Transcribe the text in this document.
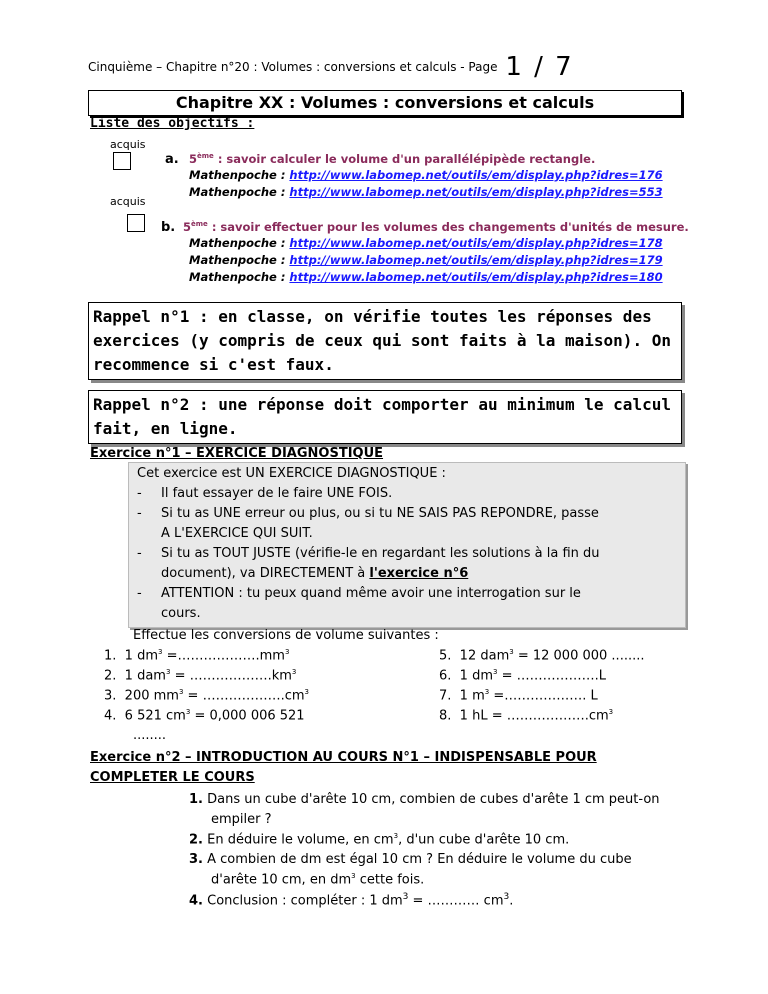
Cinquième – Chapitre n°20 : Volumes : conversions et calculs - Page 1 / 7
Chapitre XX : Volumes : conversions et calculs
Liste des objectifs :
acquis
a. 5ème : savoir calculer le volume d'un parallélépipède rectangle.
Mathenpoche : http://www.labomep.net/outils/em/display.php?idres=176
Mathenpoche : http://www.labomep.net/outils/em/display.php?idres=553
acquis
b. 5ème : savoir effectuer pour les volumes des changements d'unités de mesure.
Mathenpoche : http://www.labomep.net/outils/em/display.php?idres=178
Mathenpoche : http://www.labomep.net/outils/em/display.php?idres=179
Mathenpoche : http://www.labomep.net/outils/em/display.php?idres=180
Rappel n°1 : en classe, on vérifie toutes les réponses des
exercices (y compris de ceux qui sont faits à la maison). On
recommence si c'est faux.
Rappel n°2 : une réponse doit comporter au minimum le calcul
fait, en ligne.
Exercice n°1 – EXERCICE DIAGNOSTIQUE
Cet exercice est UN EXERCICE DIAGNOSTIQUE :
- Il faut essayer de le faire UNE FOIS.
- Si tu as UNE erreur ou plus, ou si tu NE SAIS PAS REPONDRE, passe
A L'EXERCICE QUI SUIT.
- Si tu as TOUT JUSTE (vérifie-le en regardant les solutions à la fin du
document), va DIRECTEMENT à l'exercice n°6
- ATTENTION : tu peux quand même avoir une interrogation sur le
cours.
Effectue les conversions de volume suivantes :
1. 1 $dm^3$ $=\dots\dots\dots\dots\dots\dots.mm^3$
2. 1 $dam^3 = \dots\dots\dots\dots\dots\dots.km^3$
3. 200 $mm^3$ = $\dots\dots\dots\dots\dots\dots.cm^3$
4. 6 521 $cm^3 = 0,000$ 006 521
5. 12 dam$^3$ = 12 000 000 ........
6. 1 $dm^3$ = ……………….L
7. 1 $m^3$ =………………. L
8. 1 hL = $\dots\dots\dots\dots\dots\dots.cm^3$
........
Exercice n°2 – INTRODUCTION AU COURS N°1 – INDISPENSABLE POUR
COMPLETER LE COURS
1. Dans un cube d'arête 10 cm, combien de cubes d'arête 1 cm peut-on
empiler ?
2. En déduire le volume, en $cm^3$, d'un cube d'arête 10 cm.
3. A combien de dm est égal 10 cm ? En déduire le volume du cube
d'arête 10 cm, en $dm^3$ cette fois.
4. Conclusion : compléter : 1 $dm^3$ = ………… $cm^3$.
